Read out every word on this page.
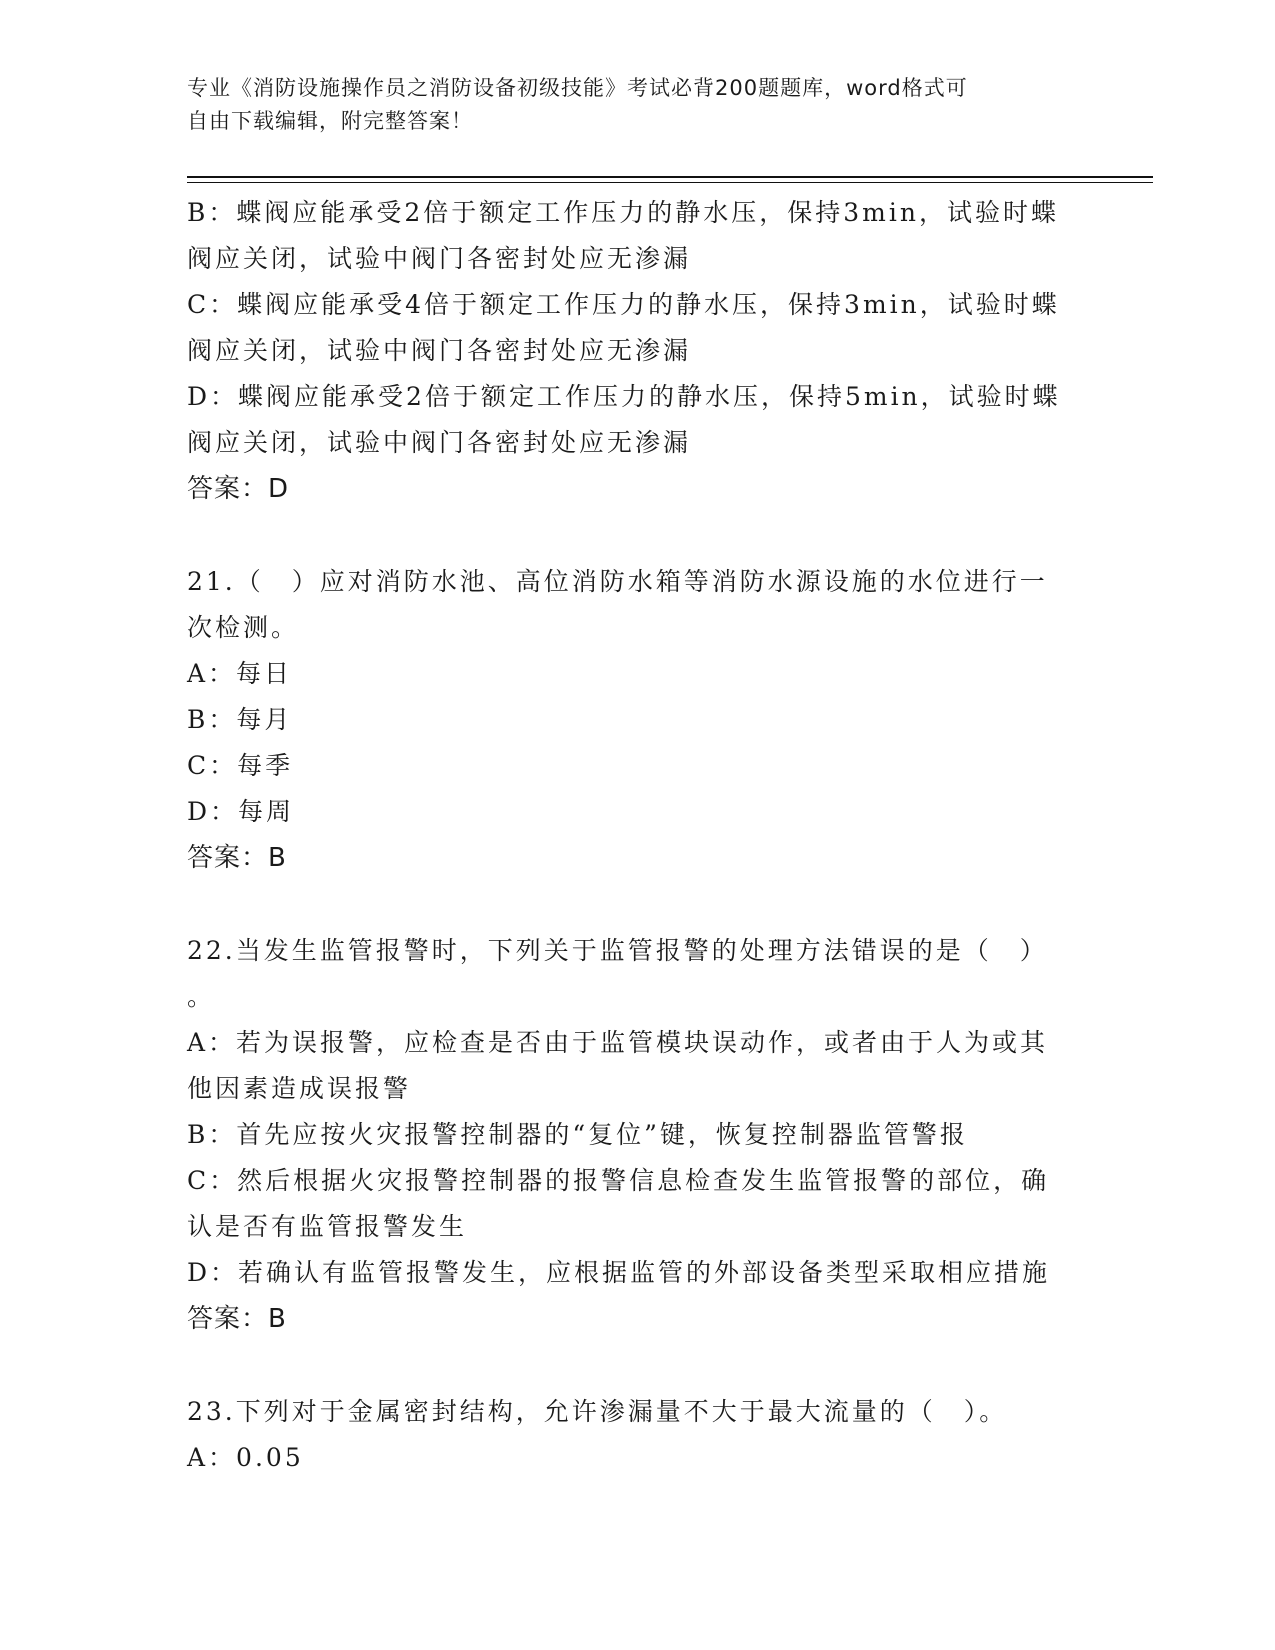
专业《消防设施操作员之消防设备初级技能》考试必背200题题库，word格式可
自由下载编辑，附完整答案！
B：蝶阀应能承受2倍于额定工作压力的静水压，保持3min，试验时蝶
阀应关闭，试验中阀门各密封处应无渗漏
C：蝶阀应能承受4倍于额定工作压力的静水压，保持3min，试验时蝶
阀应关闭，试验中阀门各密封处应无渗漏
D：蝶阀应能承受2倍于额定工作压力的静水压，保持5min，试验时蝶
阀应关闭，试验中阀门各密封处应无渗漏
答案：D
21.（　）应对消防水池、高位消防水箱等消防水源设施的水位进行一
次检测。
A：每日
B：每月
C：每季
D：每周
答案：B
22.当发生监管报警时，下列关于监管报警的处理方法错误的是（　）
。
A：若为误报警，应检查是否由于监管模块误动作，或者由于人为或其
他因素造成误报警
B：首先应按火灾报警控制器的“复位”键，恢复控制器监管警报
C：然后根据火灾报警控制器的报警信息检查发生监管报警的部位，确
认是否有监管报警发生
D：若确认有监管报警发生，应根据监管的外部设备类型采取相应措施
答案：B
23.下列对于金属密封结构，允许渗漏量不大于最大流量的（　）。
A：0.05
